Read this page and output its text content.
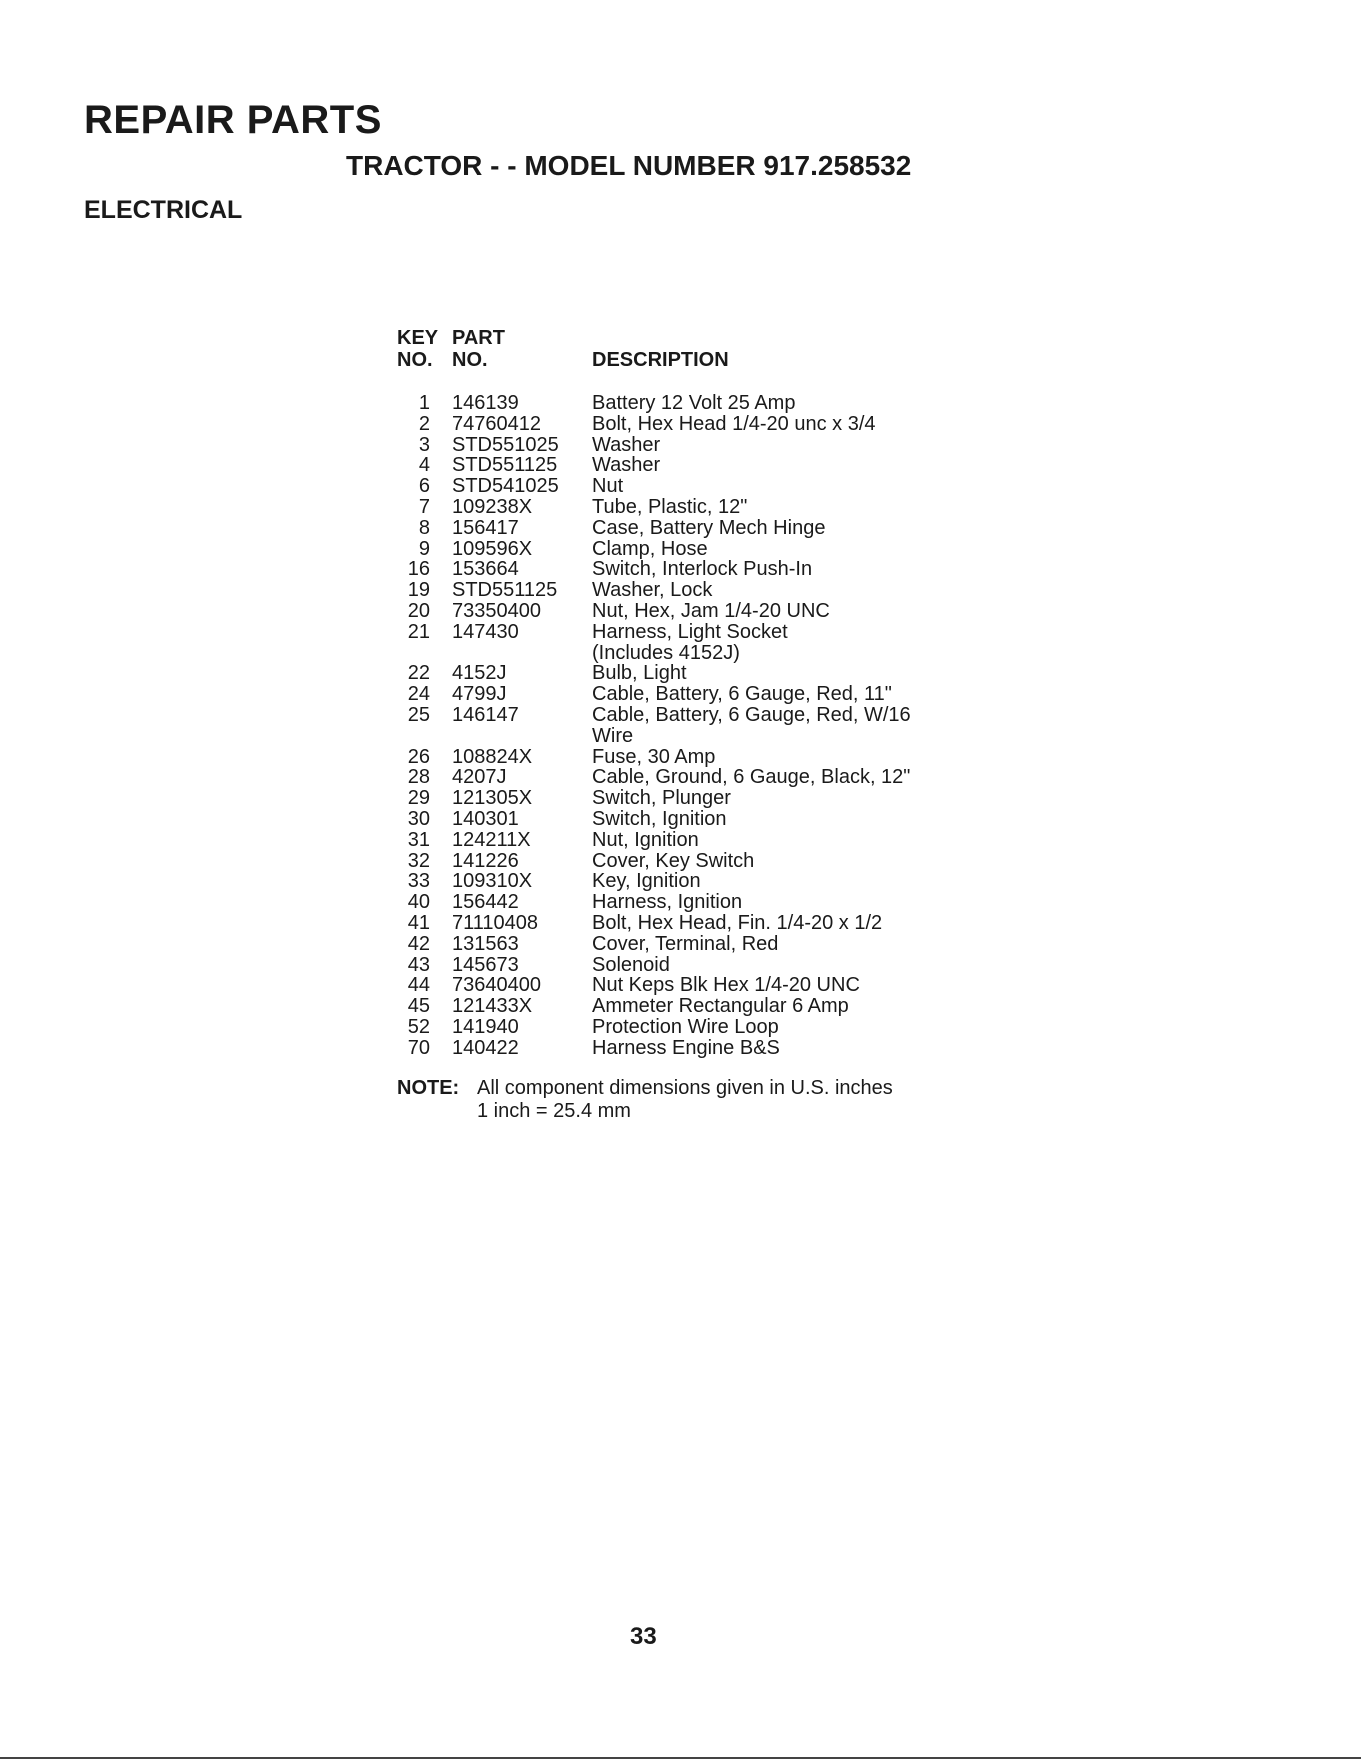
REPAIR PARTS
TRACTOR - - MODEL NUMBER 917.258532
ELECTRICAL
KEY	PART	
NO.	NO.	DESCRIPTION

1	146139	Battery 12 Volt 25 Amp

2	74760412	Bolt, Hex Head 1/4-20 unc x 3/4

3	STD551025	Washer

4	STD551125	Washer

6	STD541025	Nut

7	109238X	Tube, Plastic, 12"

8	156417	Case, Battery Mech Hinge

9	109596X	Clamp, Hose

16	153664	Switch, Interlock Push-In

19	STD551125	Washer, Lock

20	73350400	Nut, Hex, Jam 1/4-20 UNC

21	147430	Harness, Light Socket
(Includes 4152J)

22	4152J	Bulb, Light

24	4799J	Cable, Battery, 6 Gauge, Red, 11"

25	146147	Cable, Battery, 6 Gauge, Red, W/16
Wire

26	108824X	Fuse, 30 Amp

28	4207J	Cable, Ground, 6 Gauge, Black, 12"

29	121305X	Switch, Plunger

30	140301	Switch, Ignition

31	124211X	Nut, Ignition

32	141226	Cover, Key Switch

33	109310X	Key, Ignition

40	156442	Harness, Ignition

41	71110408	Bolt, Hex Head, Fin. 1/4-20 x 1/2

42	131563	Cover, Terminal, Red

43	145673	Solenoid

44	73640400	Nut Keps Blk Hex 1/4-20 UNC

45	121433X	Ammeter Rectangular 6 Amp

52	141940	Protection Wire Loop

70	140422	Harness Engine B&S
NOTE: All component dimensions given in U.S. inches
1 inch = 25.4 mm
33
